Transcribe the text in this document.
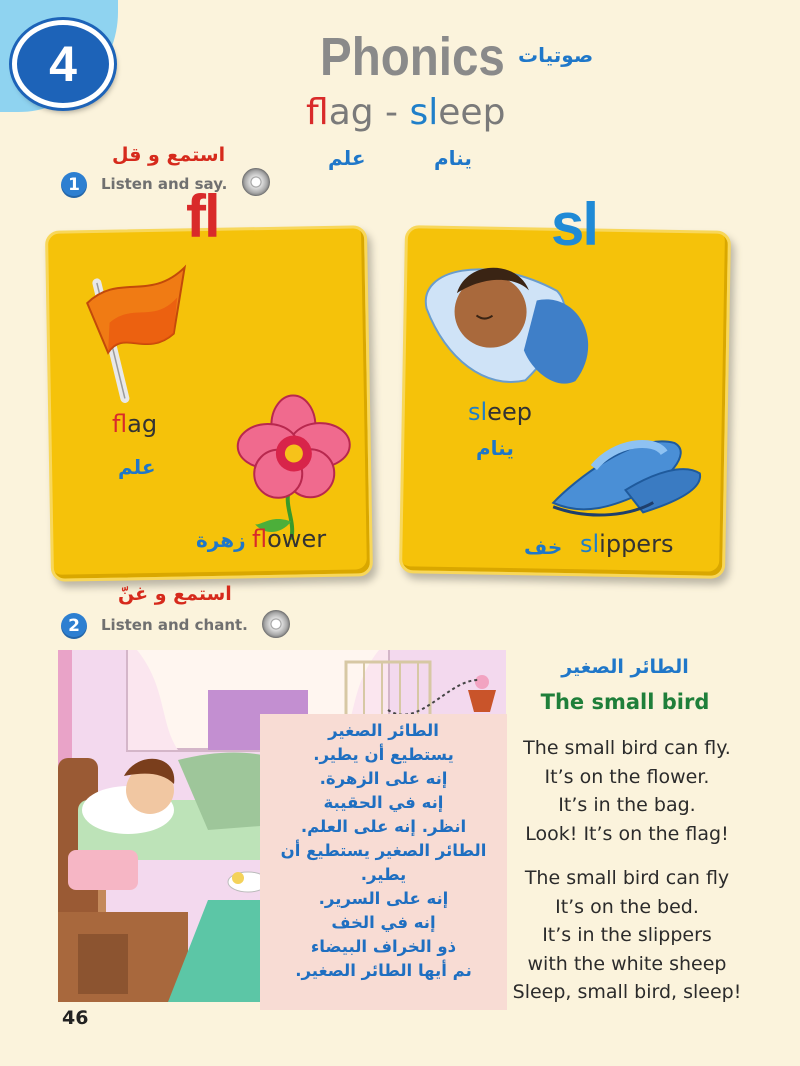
4	Phonics صوتيات
flag - sleep
علم	ينام
استمع و قل
1	Listen and say.
fl	sl
flag
علم
flower
زهرة
sleep
ينام
slippers
خف
استمع و غنّ
2	Listen and chant.
الطائر الصغير
يستطيع أن يطير.
إنه على الزهرة.
إنه في الحقيبة
انظر. إنه على العلم.
الطائر الصغير يستطيع أن
يطير.
إنه على السرير.
إنه في الخف
ذو الخراف البيضاء
نم أيها الطائر الصغير.
الطائر الصغير
The small bird
The small bird can fly.
It’s on the flower.
It’s in the bag.
Look! It’s on the flag!
The small bird can fly
It’s on the bed.
It’s in the slippers
with the white sheep
Sleep, small bird, sleep!
46
